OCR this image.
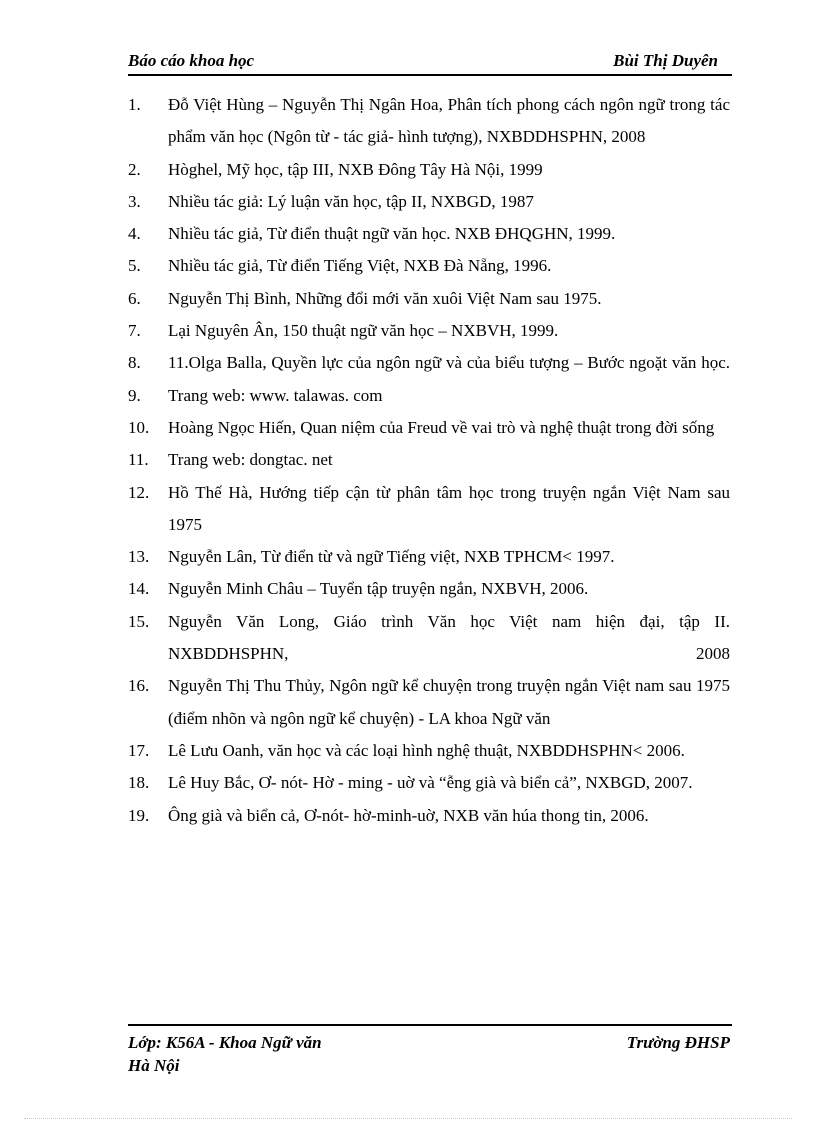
Báo cáo khoa học	Bùi Thị Duyên
1. Đỗ Việt Hùng – Nguyễn Thị Ngân Hoa, Phân tích phong cách ngôn ngữ trong tác phẩm văn học (Ngôn từ - tác giả- hình tượng), NXBDDHSPHN, 2008
2. Hòghel, Mỹ học, tập III, NXB Đông Tây Hà Nội, 1999
3. Nhiều tác giả: Lý luận văn học, tập II, NXBGD, 1987
4. Nhiều tác giả, Từ điển thuật ngữ văn học. NXB ĐHQGHN, 1999.
5. Nhiều tác giả, Từ điển Tiếng Việt, NXB Đà Nẵng, 1996.
6. Nguyễn Thị Bình, Những đổi mới văn xuôi Việt Nam sau 1975.
7. Lại Nguyên Ân, 150 thuật ngữ văn học – NXBVH, 1999.
8. 11.Olga Balla, Quyền lực của ngôn ngữ và của biểu tượng – Bước ngoặt văn học.
9. Trang web: www. talawas. com
10. Hoàng Ngọc Hiến, Quan niệm của Freud về vai trò và nghệ thuật trong đời sống
11. Trang web: dongtac. net
12. Hồ Thế Hà, Hướng tiếp cận từ phân tâm học trong truyện ngắn Việt Nam sau 1975
13. Nguyễn Lân, Từ điển từ và ngữ Tiếng việt, NXB TPHCM< 1997.
14. Nguyễn Minh Châu – Tuyển tập truyện ngắn, NXBVH, 2006.
15. Nguyễn Văn Long, Giáo trình Văn học Việt nam hiện đại, tập II. NXBDDHSPHN, 2008
16. Nguyễn Thị Thu Thủy, Ngôn ngữ kể chuyện trong truyện ngắn Việt nam sau 1975 (điểm nhõn và ngôn ngữ kể chuyện) - LA khoa Ngữ văn
17. Lê Lưu Oanh, văn học và các loại hình nghệ thuật, NXBDDHSPHN< 2006.
18. Lê Huy Bắc, Ơ- nót- Hờ - ming - uờ và “ễng già và biển cả”, NXBGD, 2007.
19. Ông già và biển cả, Ơ-nót- hờ-minh-uờ, NXB văn húa thong tin, 2006.
Lớp: K56A - Khoa Ngữ văn
Hà Nội
Trường ĐHSP
